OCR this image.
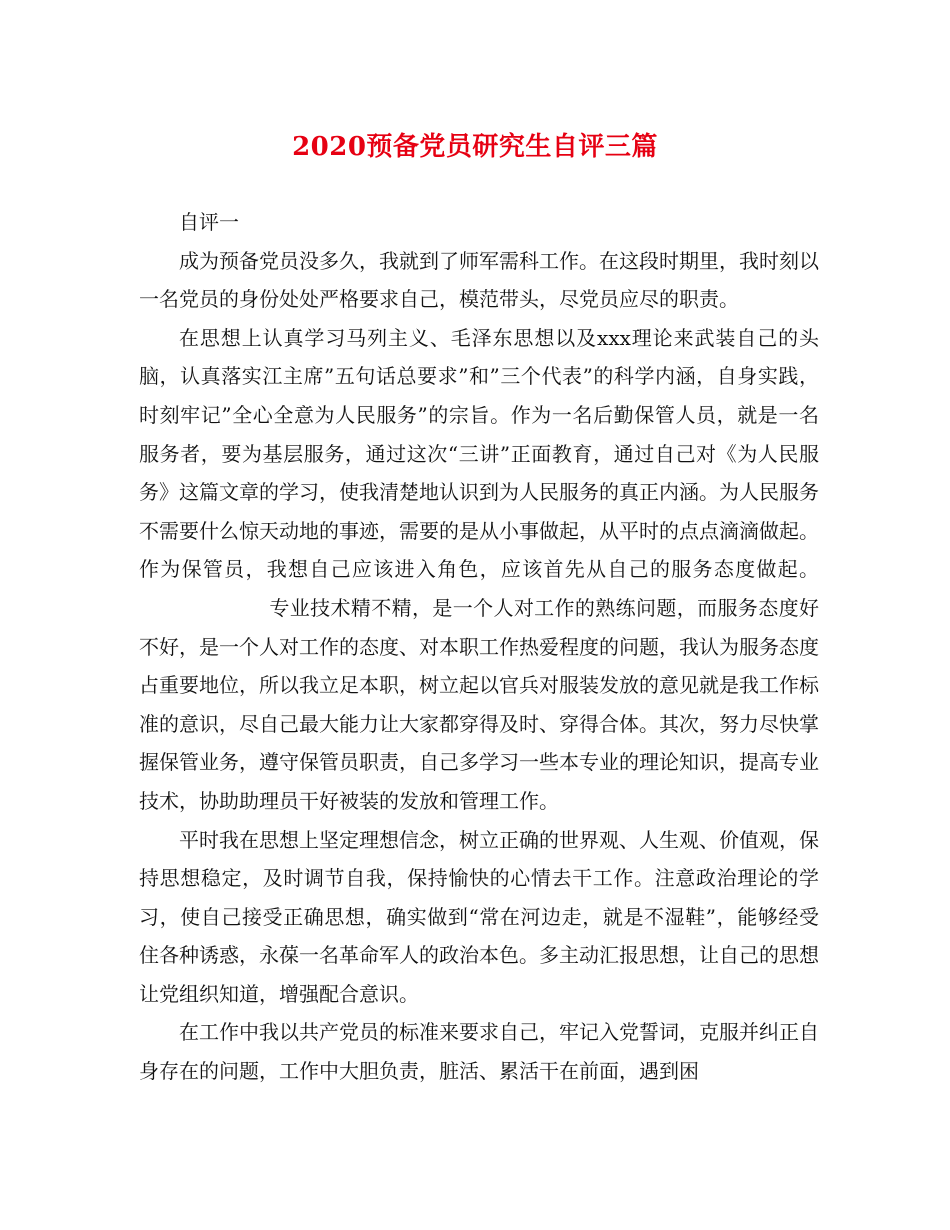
2020预备党员研究生自评三篇

自评一

成为预备党员没多久，我就到了师军需科工作。在这段时期里，我时刻以一名党员的身份处处严格要求自己，模范带头，尽党员应尽的职责。

在思想上认真学习马列主义、毛泽东思想以及xxx理论来武装自己的头脑，认真落实江主席”五句话总要求”和”三个代表”的科学内涵，自身实践，时刻牢记”全心全意为人民服务”的宗旨。作为一名后勤保管人员，就是一名服务者，要为基层服务，通过这次“三讲”正面教育，通过自己对《为人民服务》这篇文章的学习，使我清楚地认识到为人民服务的真正内涵。为人民服务不需要什么惊天动地的事迹，需要的是从小事做起，从平时的点点滴滴做起。作为保管员，我想自己应该进入角色，应该首先从自己的服务态度做起。专业技术精不精，是一个人对工作的熟练问题，而服务态度好不好，是一个人对工作的态度、对本职工作热爱程度的问题，我认为服务态度占重要地位，所以我立足本职，树立起以官兵对服装发放的意见就是我工作标准的意识，尽自己最大能力让大家都穿得及时、穿得合体。其次，努力尽快掌握保管业务，遵守保管员职责，自己多学习一些本专业的理论知识，提高专业技术，协助助理员干好被装的发放和管理工作。

平时我在思想上坚定理想信念，树立正确的世界观、人生观、价值观，保持思想稳定，及时调节自我，保持愉快的心情去干工作。注意政治理论的学习，使自己接受正确思想，确实做到“常在河边走，就是不湿鞋”，能够经受住各种诱惑，永葆一名革命军人的政治本色。多主动汇报思想，让自己的思想让党组织知道，增强配合意识。

在工作中我以共产党员的标准来要求自己，牢记入党誓词，克服并纠正自身存在的问题，工作中大胆负责，脏活、累活干在前面，遇到困
